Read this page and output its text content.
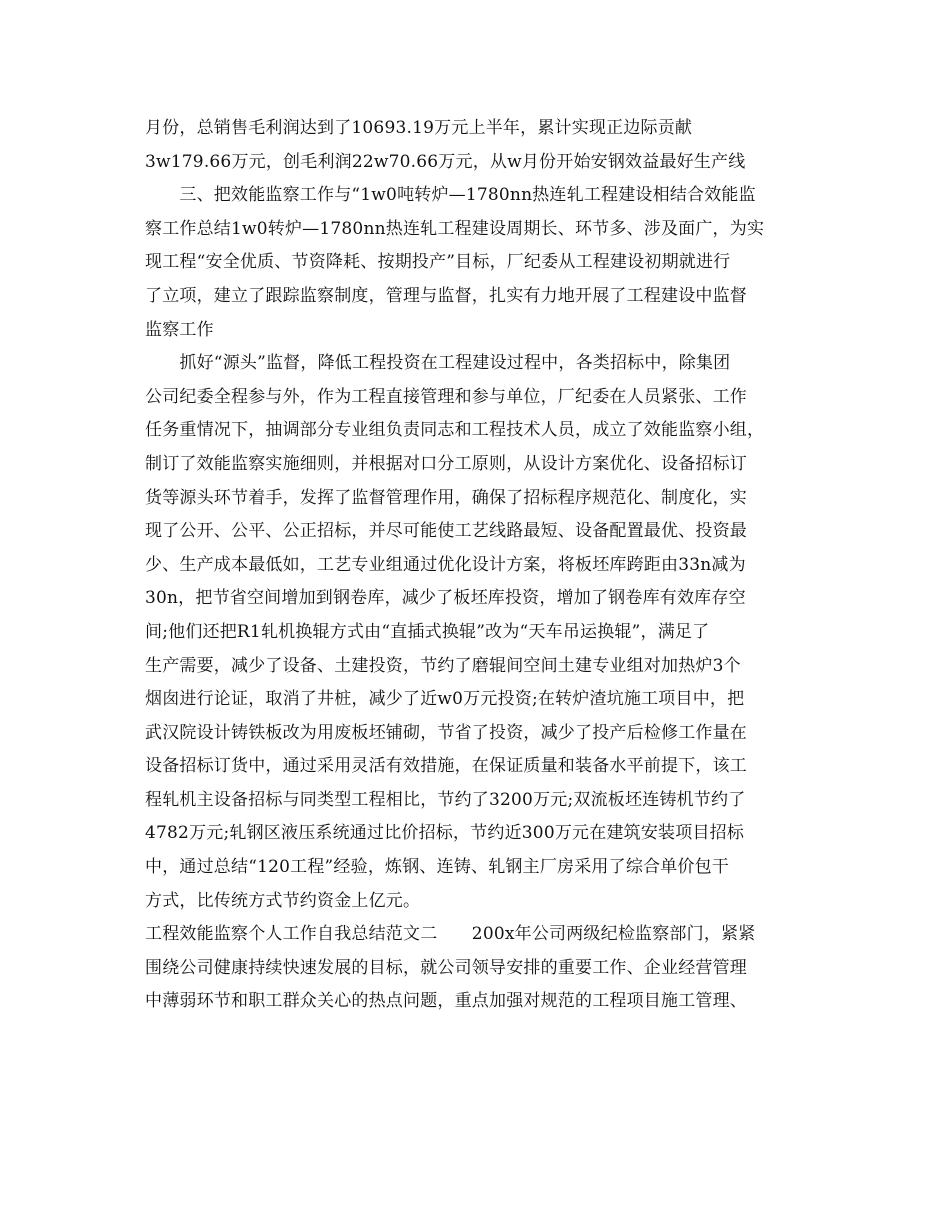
月份，总销售毛利润达到了10693.19万元上半年，累计实现正边际贡献
3w179.66万元，创毛利润22w70.66万元，从w月份开始安钢效益最好生产线
　　三、把效能监察工作与“1w0吨转炉—1780nn热连轧工程建设相结合效能监
察工作总结1w0转炉—1780nn热连轧工程建设周期长、环节多、涉及面广，为实
现工程“安全优质、节资降耗、按期投产”目标，厂纪委从工程建设初期就进行
了立项，建立了跟踪监察制度，管理与监督，扎实有力地开展了工程建设中监督
监察工作
　　抓好“源头”监督，降低工程投资在工程建设过程中，各类招标中，除集团
公司纪委全程参与外，作为工程直接管理和参与单位，厂纪委在人员紧张、工作
任务重情况下，抽调部分专业组负责同志和工程技术人员，成立了效能监察小组，
制订了效能监察实施细则，并根据对口分工原则，从设计方案优化、设备招标订
货等源头环节着手，发挥了监督管理作用，确保了招标程序规范化、制度化，实
现了公开、公平、公正招标，并尽可能使工艺线路最短、设备配置最优、投资最
少、生产成本最低如，工艺专业组通过优化设计方案，将板坯库跨距由33n减为
30n，把节省空间增加到钢卷库，减少了板坯库投资，增加了钢卷库有效库存空
间;他们还把R1轧机换辊方式由“直插式换辊”改为“天车吊运换辊”，满足了
生产需要，减少了设备、土建投资，节约了磨辊间空间土建专业组对加热炉3个
烟囱进行论证，取消了井桩，减少了近w0万元投资;在转炉渣坑施工项目中，把
武汉院设计铸铁板改为用废板坯铺砌，节省了投资，减少了投产后检修工作量在
设备招标订货中，通过采用灵活有效措施，在保证质量和装备水平前提下，该工
程轧机主设备招标与同类型工程相比，节约了3200万元;双流板坯连铸机节约了
4782万元;轧钢区液压系统通过比价招标，节约近300万元在建筑安装项目招标
中，通过总结“120工程”经验，炼钢、连铸、轧钢主厂房采用了综合单价包干
方式，比传统方式节约资金上亿元。
工程效能监察个人工作自我总结范文二　　200x年公司两级纪检监察部门，紧紧
围绕公司健康持续快速发展的目标，就公司领导安排的重要工作、企业经营管理
中薄弱环节和职工群众关心的热点问题，重点加强对规范的工程项目施工管理、
